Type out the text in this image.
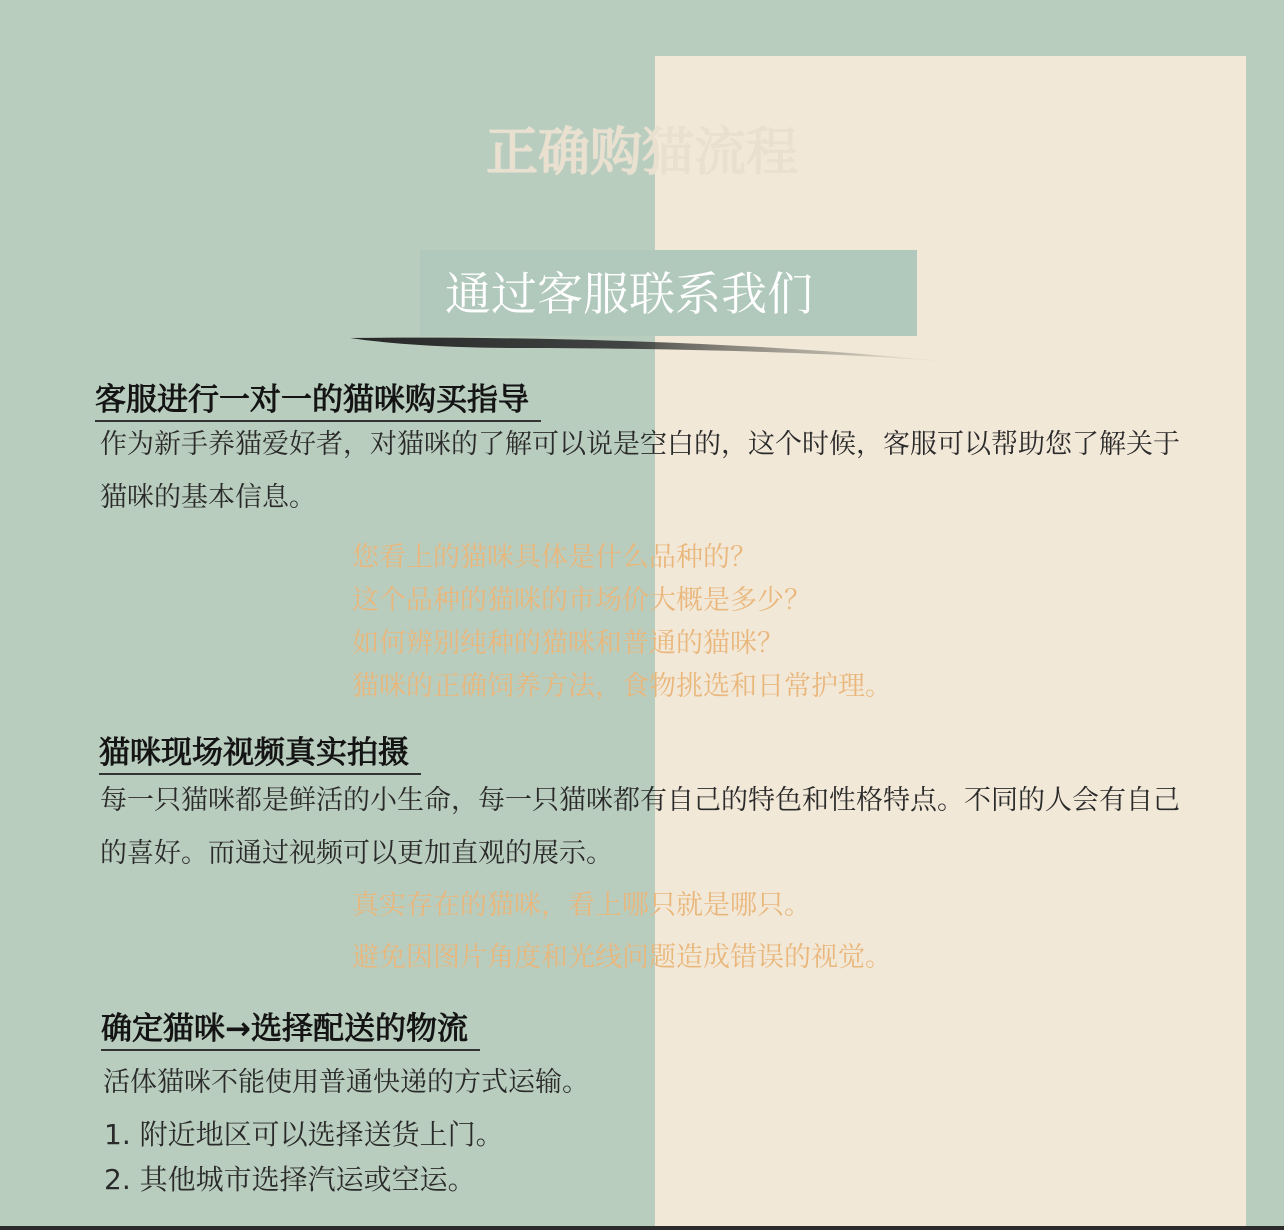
正确购猫流程
通过客服联系我们
客服进行一对一的猫咪购买指导

作为新手养猫爱好者，对猫咪的了解可以说是空白的，这个时候，客服可以帮助您了解关于猫咪的基本信息。

您看上的猫咪具体是什么品种的？
这个品种的猫咪的市场价大概是多少？
如何辨别纯种的猫咪和普通的猫咪？
猫咪的正确饲养方法，食物挑选和日常护理。
猫咪现场视频真实拍摄

每一只猫咪都是鲜活的小生命，每一只猫咪都有自己的特色和性格特点。不同的人会有自己的喜好。而通过视频可以更加直观的展示。

真实存在的猫咪，看上哪只就是哪只。
避免因图片角度和光线问题造成错误的视觉。
确定猫咪→选择配送的物流

活体猫咪不能使用普通快递的方式运输。

1. 附近地区可以选择送货上门。
2. 其他城市选择汽运或空运。
